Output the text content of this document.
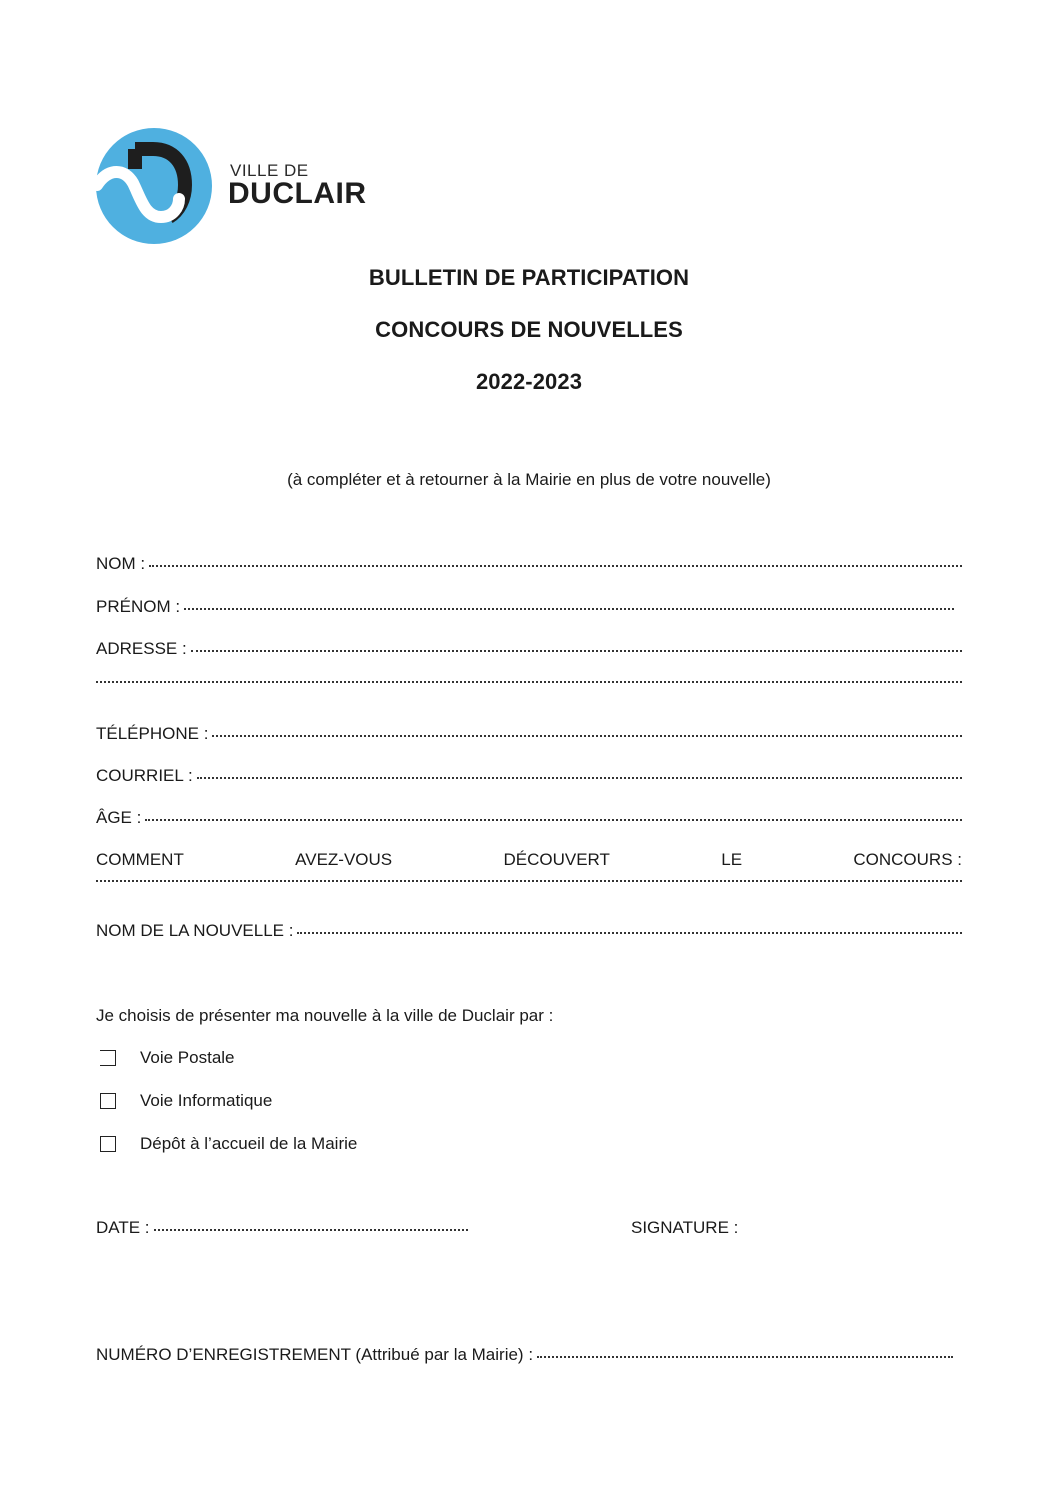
VILLE DE
DUCLAIR
BULLETIN DE PARTICIPATION
CONCOURS DE NOUVELLES
2022-2023
(à compléter et à retourner à la Mairie en plus de votre nouvelle)
NOM :
PRÉNOM :
ADRESSE :
TÉLÉPHONE :
COURRIEL :
ÂGE :
COMMENT	AVEZ-VOUS	DÉCOUVERT	LE	CONCOURS :
NOM DE LA NOUVELLE :
Je choisis de présenter ma nouvelle à la ville de Duclair par :
Voie Postale
Voie Informatique
Dépôt à l’accueil de la Mairie
DATE :	SIGNATURE :
NUMÉRO D’ENREGISTREMENT (Attribué par la Mairie) :
